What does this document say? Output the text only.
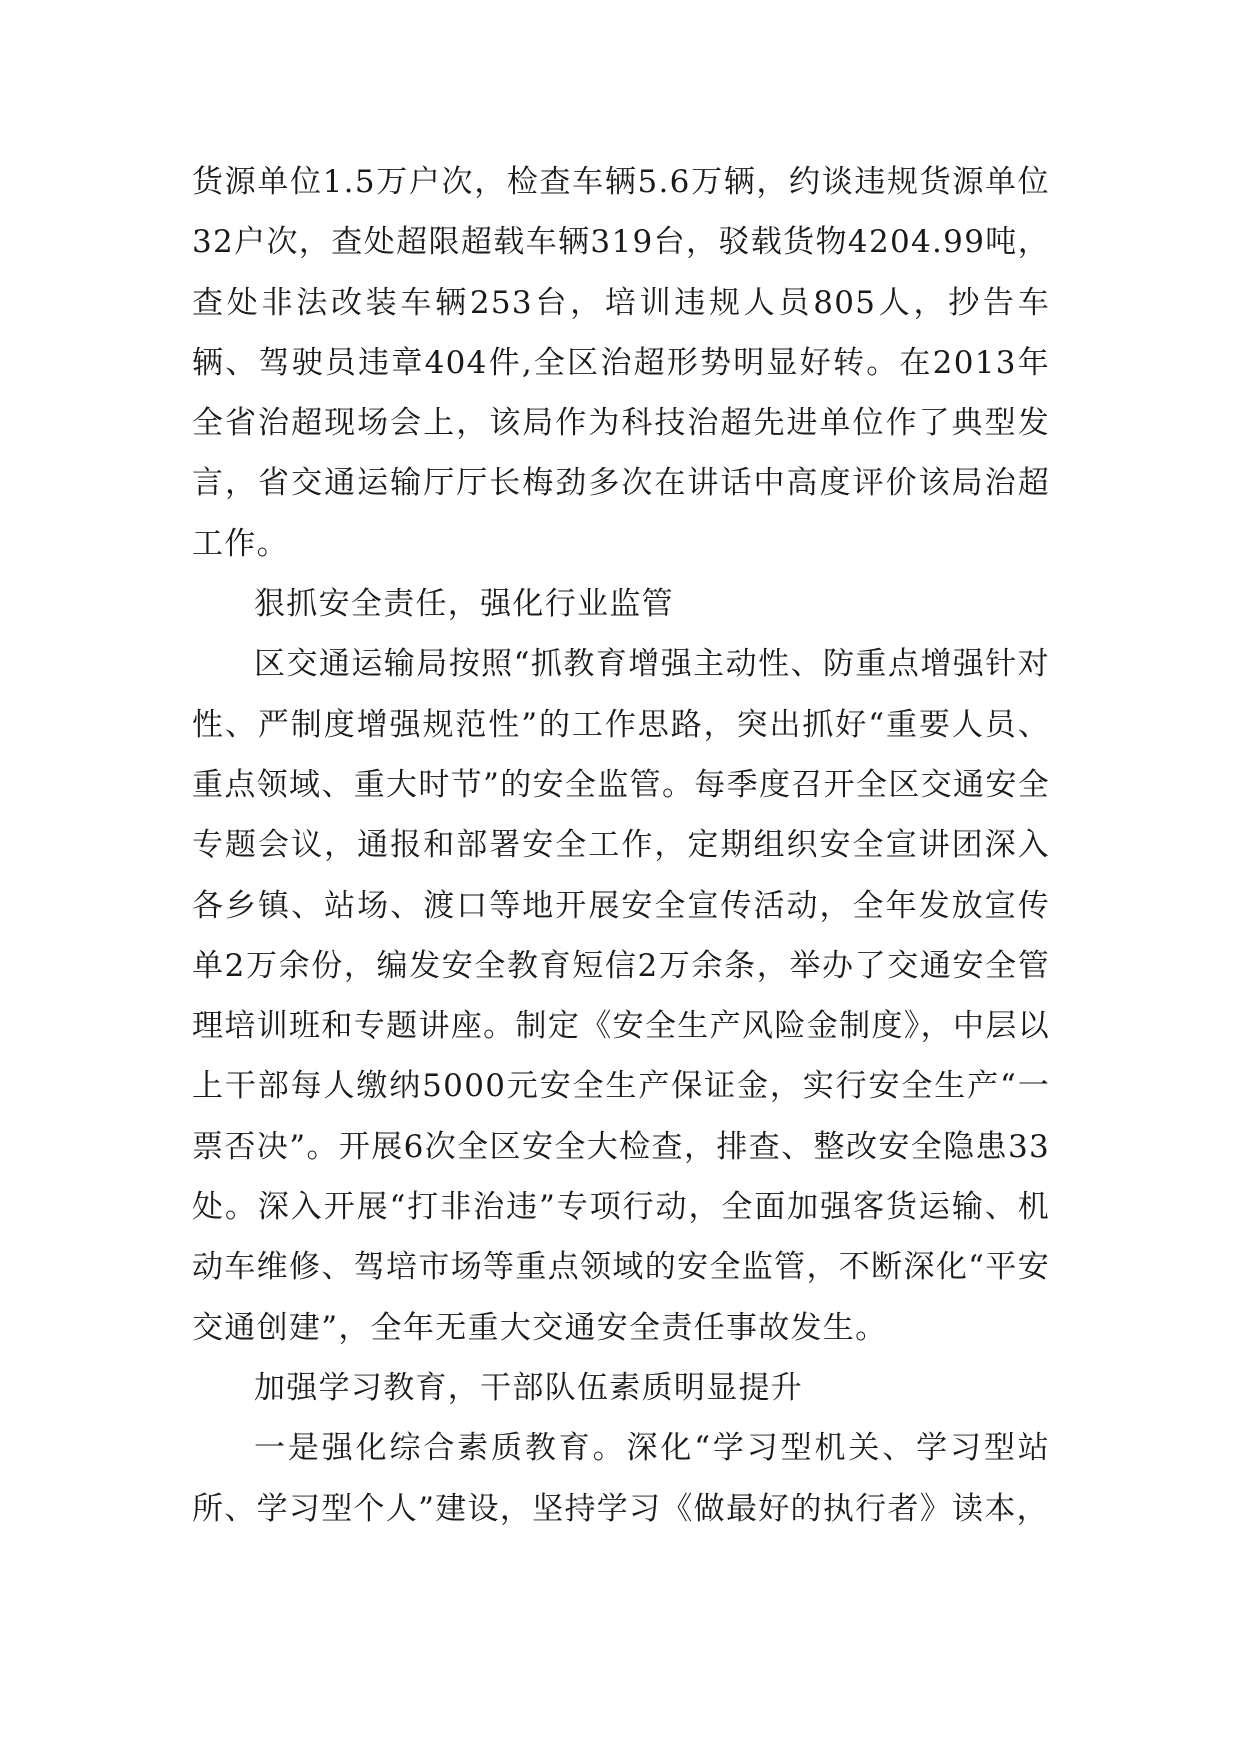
货源单位1.5万户次，检查车辆5.6万辆，约谈违规货源单位32户次，查处超限超载车辆319台，驳载货物4204.99吨，查处非法改装车辆253台，培训违规人员805人，抄告车辆、驾驶员违章404件,全区治超形势明显好转。在2013年全省治超现场会上，该局作为科技治超先进单位作了典型发言，省交通运输厅厅长梅劲多次在讲话中高度评价该局治超工作。

狠抓安全责任，强化行业监管

区交通运输局按照“抓教育增强主动性、防重点增强针对性、严制度增强规范性”的工作思路，突出抓好“重要人员、重点领域、重大时节”的安全监管。每季度召开全区交通安全专题会议，通报和部署安全工作，定期组织安全宣讲团深入各乡镇、站场、渡口等地开展安全宣传活动，全年发放宣传单2万余份，编发安全教育短信2万余条，举办了交通安全管理培训班和专题讲座。制定《安全生产风险金制度》，中层以上干部每人缴纳5000元安全生产保证金，实行安全生产“一票否决”。开展6次全区安全大检查，排查、整改安全隐患33处。深入开展“打非治违”专项行动，全面加强客货运输、机动车维修、驾培市场等重点领域的安全监管，不断深化“平安交通创建”，全年无重大交通安全责任事故发生。

加强学习教育，干部队伍素质明显提升

一是强化综合素质教育。深化“学习型机关、学习型站所、学习型个人”建设，坚持学习《做最好的执行者》读本，
